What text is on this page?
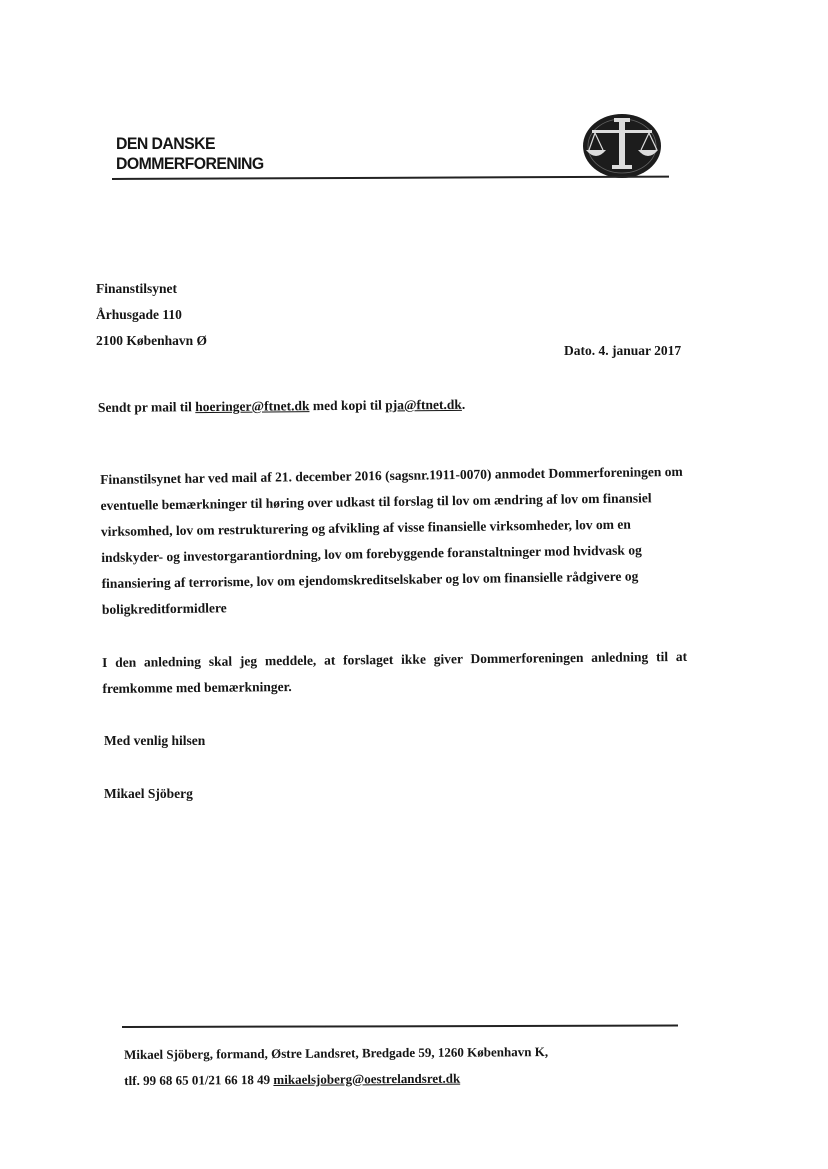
DEN DANSKE
DOMMERFORENING
Finanstilsynet
Århusgade 110
2100 København Ø
Dato. 4. januar 2017
Sendt pr mail til hoeringer@ftnet.dk med kopi til pja@ftnet.dk.
Finanstilsynet har ved mail af 21. december 2016 (sagsnr.1911-0070) anmodet Dommerforeningen om eventuelle bemærkninger til høring over udkast til forslag til lov om ændring af lov om finansiel virksomhed, lov om restrukturering og afvikling af visse finansielle virksomheder, lov om en indskyder- og investorgarantiordning, lov om forebyggende foranstaltninger mod hvidvask og finansiering af terrorisme, lov om ejendomskreditselskaber og lov om finansielle rådgivere og boligkreditformidlere
I den anledning skal jeg meddele, at forslaget ikke giver Dommerforeningen anledning til at fremkomme med bemærkninger.
Med venlig hilsen
Mikael Sjöberg
Mikael Sjöberg, formand, Østre Landsret, Bredgade 59, 1260 København K,
tlf. 99 68 65 01/21 66 18 49 mikaelsjoberg@oestrelandsret.dk
